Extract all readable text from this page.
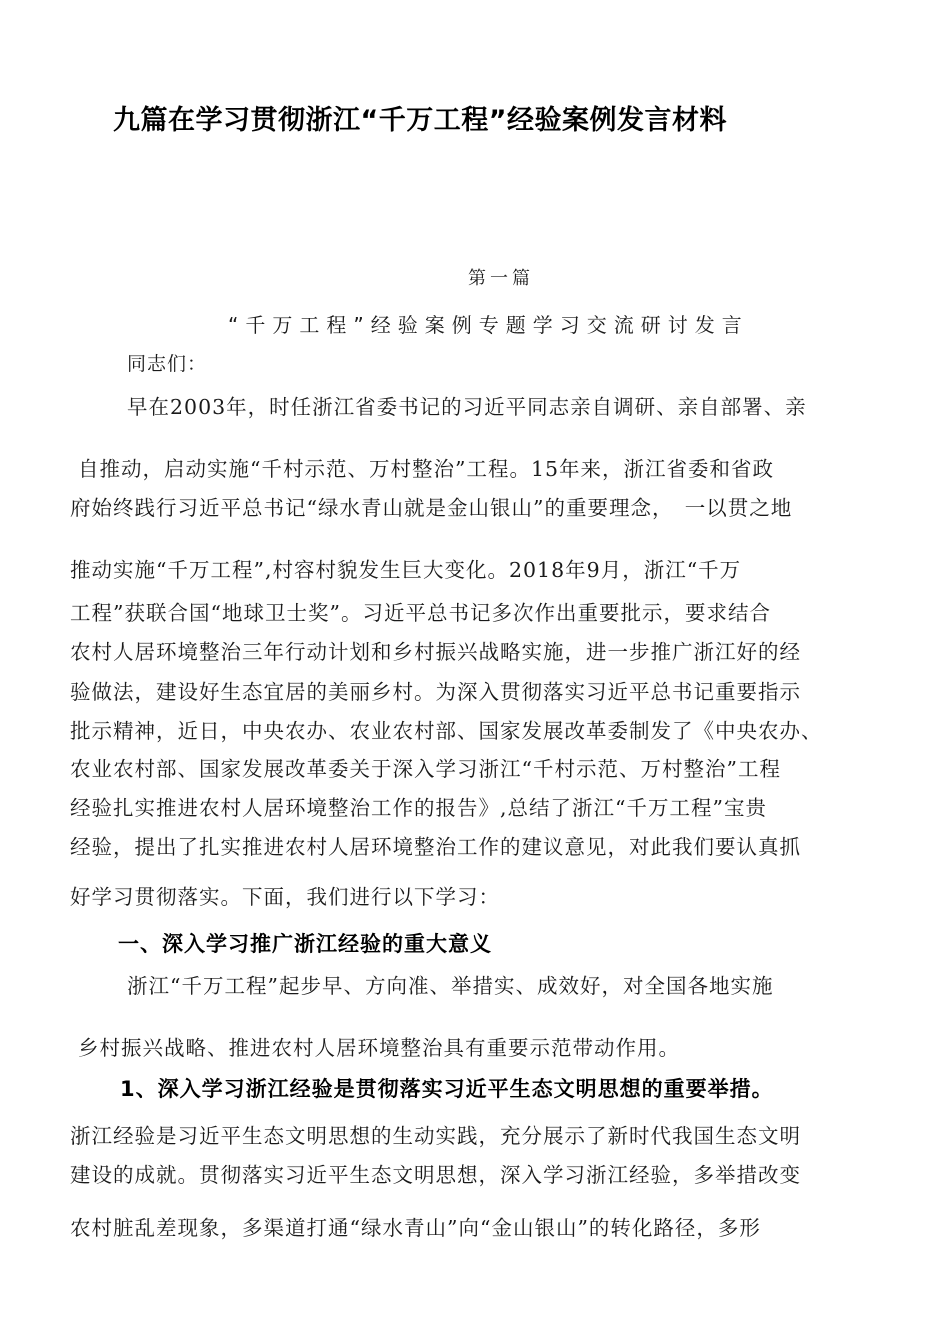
九篇在学习贯彻浙江“千万工程”经验案例发言材料
第一篇
“千万工程”经验案例专题学习交流研讨发言
同志们：
早在2003年，时任浙江省委书记的习近平同志亲自调研、亲自部署、亲
自推动，启动实施“千村示范、万村整治”工程。15年来，浙江省委和省政
府始终践行习近平总书记“绿水青山就是金山银山”的重要理念，　一以贯之地
推动实施“千万工程”,村容村貌发生巨大变化。2018年9月，浙江“千万
工程”获联合国“地球卫士奖”。习近平总书记多次作出重要批示，要求结合
农村人居环境整治三年行动计划和乡村振兴战略实施，进一步推广浙江好的经
验做法，建设好生态宜居的美丽乡村。为深入贯彻落实习近平总书记重要指示
批示精神，近日，中央农办、农业农村部、国家发展改革委制发了《中央农办、
农业农村部、国家发展改革委关于深入学习浙江“千村示范、万村整治”工程
经验扎实推进农村人居环境整治工作的报告》,总结了浙江“千万工程”宝贵
经验，提出了扎实推进农村人居环境整治工作的建议意见，对此我们要认真抓
好学习贯彻落实。下面，我们进行以下学习：
一、深入学习推广浙江经验的重大意义
浙江“千万工程”起步早、方向准、举措实、成效好，对全国各地实施
乡村振兴战略、推进农村人居环境整治具有重要示范带动作用。
1、深入学习浙江经验是贯彻落实习近平生态文明思想的重要举措。
浙江经验是习近平生态文明思想的生动实践，充分展示了新时代我国生态文明
建设的成就。贯彻落实习近平生态文明思想，深入学习浙江经验，多举措改变
农村脏乱差现象，多渠道打通“绿水青山”向“金山银山”的转化路径，多形
